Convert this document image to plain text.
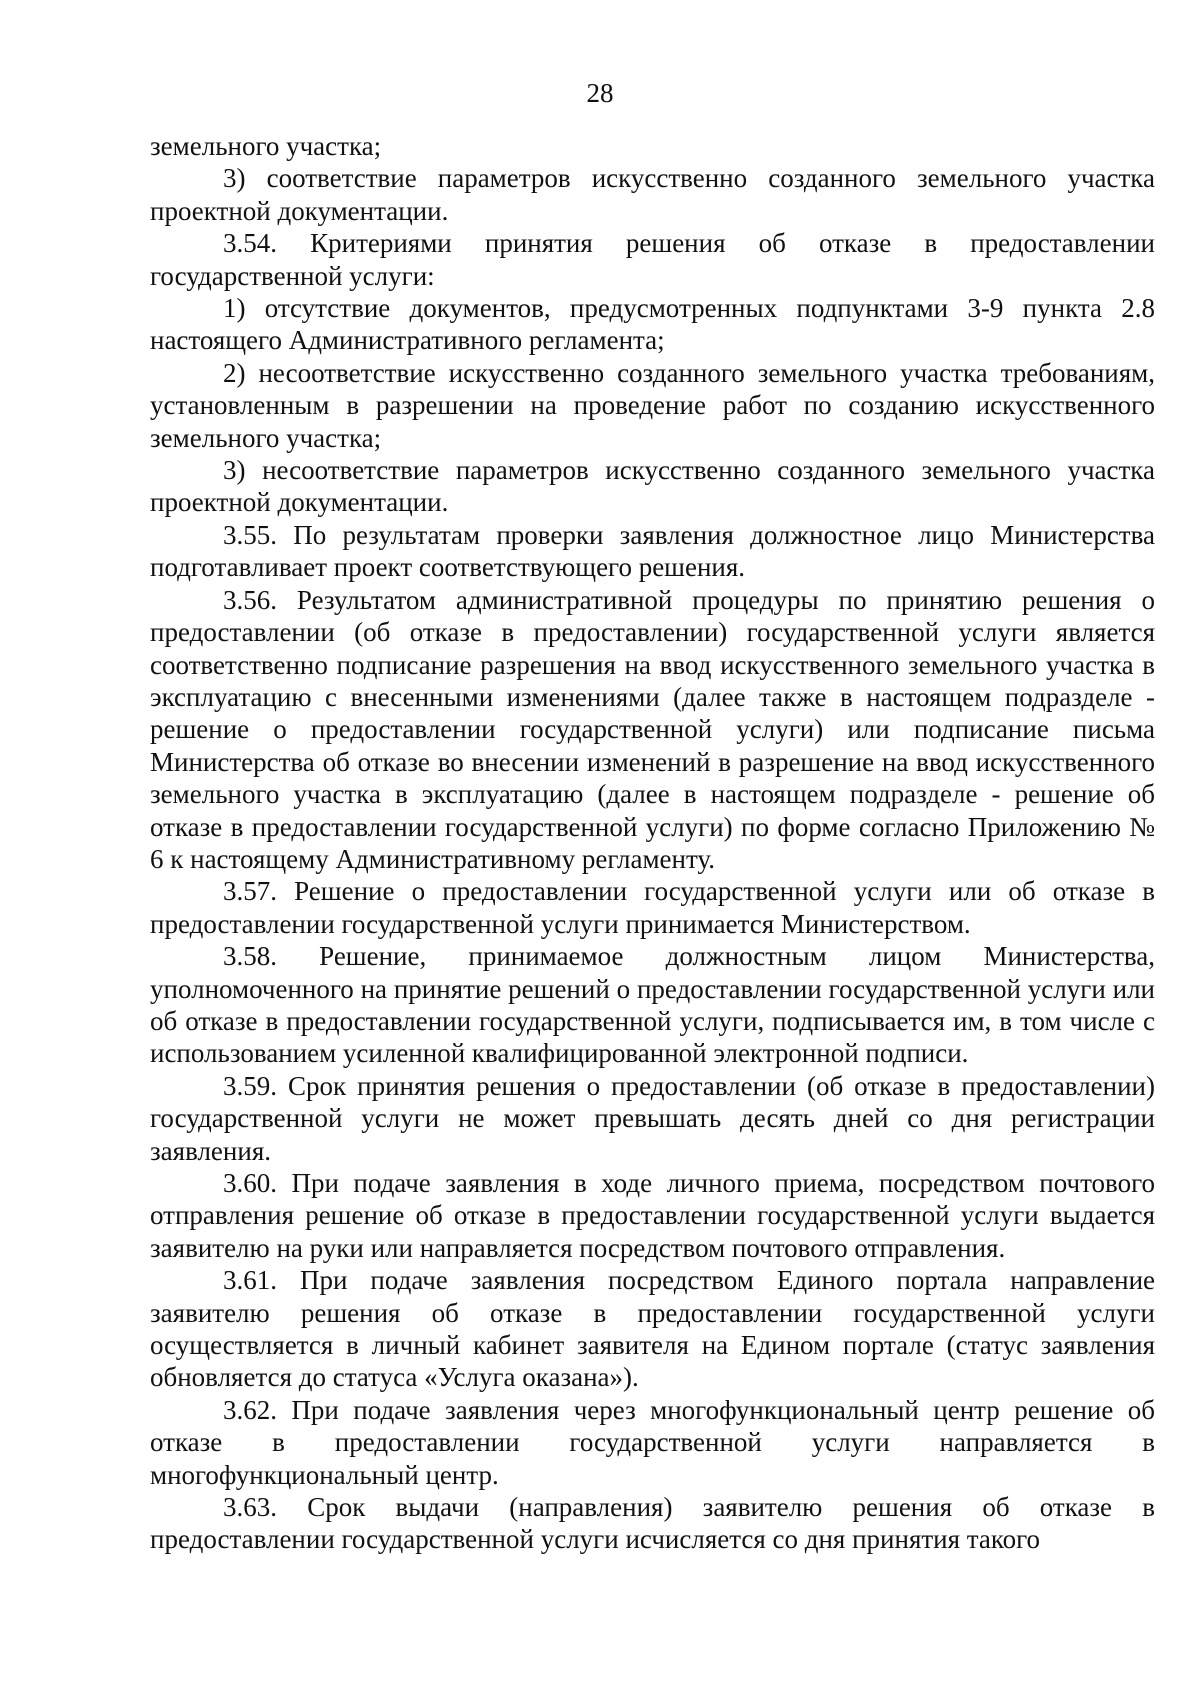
28

земельного участка;

3) соответствие параметров искусственно созданного земельного участка проектной документации.

3.54. Критериями принятия решения об отказе в предоставлении государственной услуги:

1) отсутствие документов, предусмотренных подпунктами 3-9 пункта 2.8 настоящего Административного регламента;

2) несоответствие искусственно созданного земельного участка требованиям, установленным в разрешении на проведение работ по созданию искусственного земельного участка;

3) несоответствие параметров искусственно созданного земельного участка проектной документации.

3.55. По результатам проверки заявления должностное лицо Министерства подготавливает проект соответствующего решения.

3.56. Результатом административной процедуры по принятию решения о предоставлении (об отказе в предоставлении) государственной услуги является соответственно подписание разрешения на ввод искусственного земельного участка в эксплуатацию с внесенными изменениями (далее также в настоящем подразделе - решение о предоставлении государственной услуги) или подписание письма Министерства об отказе во внесении изменений в разрешение на ввод искусственного земельного участка в эксплуатацию (далее в настоящем подразделе - решение об отказе в предоставлении государственной услуги) по форме согласно Приложению № 6 к настоящему Административному регламенту.

3.57. Решение о предоставлении государственной услуги или об отказе в предоставлении государственной услуги принимается Министерством.

3.58. Решение, принимаемое должностным лицом Министерства, уполномоченного на принятие решений о предоставлении государственной услуги или об отказе в предоставлении государственной услуги, подписывается им, в том числе с использованием усиленной квалифицированной электронной подписи.

3.59. Срок принятия решения о предоставлении (об отказе в предоставлении) государственной услуги не может превышать десять дней со дня регистрации заявления.

3.60. При подаче заявления в ходе личного приема, посредством почтового отправления решение об отказе в предоставлении государственной услуги выдается заявителю на руки или направляется посредством почтового отправления.

3.61. При подаче заявления посредством Единого портала направление заявителю решения об отказе в предоставлении государственной услуги осуществляется в личный кабинет заявителя на Едином портале (статус заявления обновляется до статуса «Услуга оказана»).

3.62. При подаче заявления через многофункциональный центр решение об отказе в предоставлении государственной услуги направляется в многофункциональный центр.

3.63. Срок выдачи (направления) заявителю решения об отказе в предоставлении государственной услуги исчисляется со дня принятия такого
